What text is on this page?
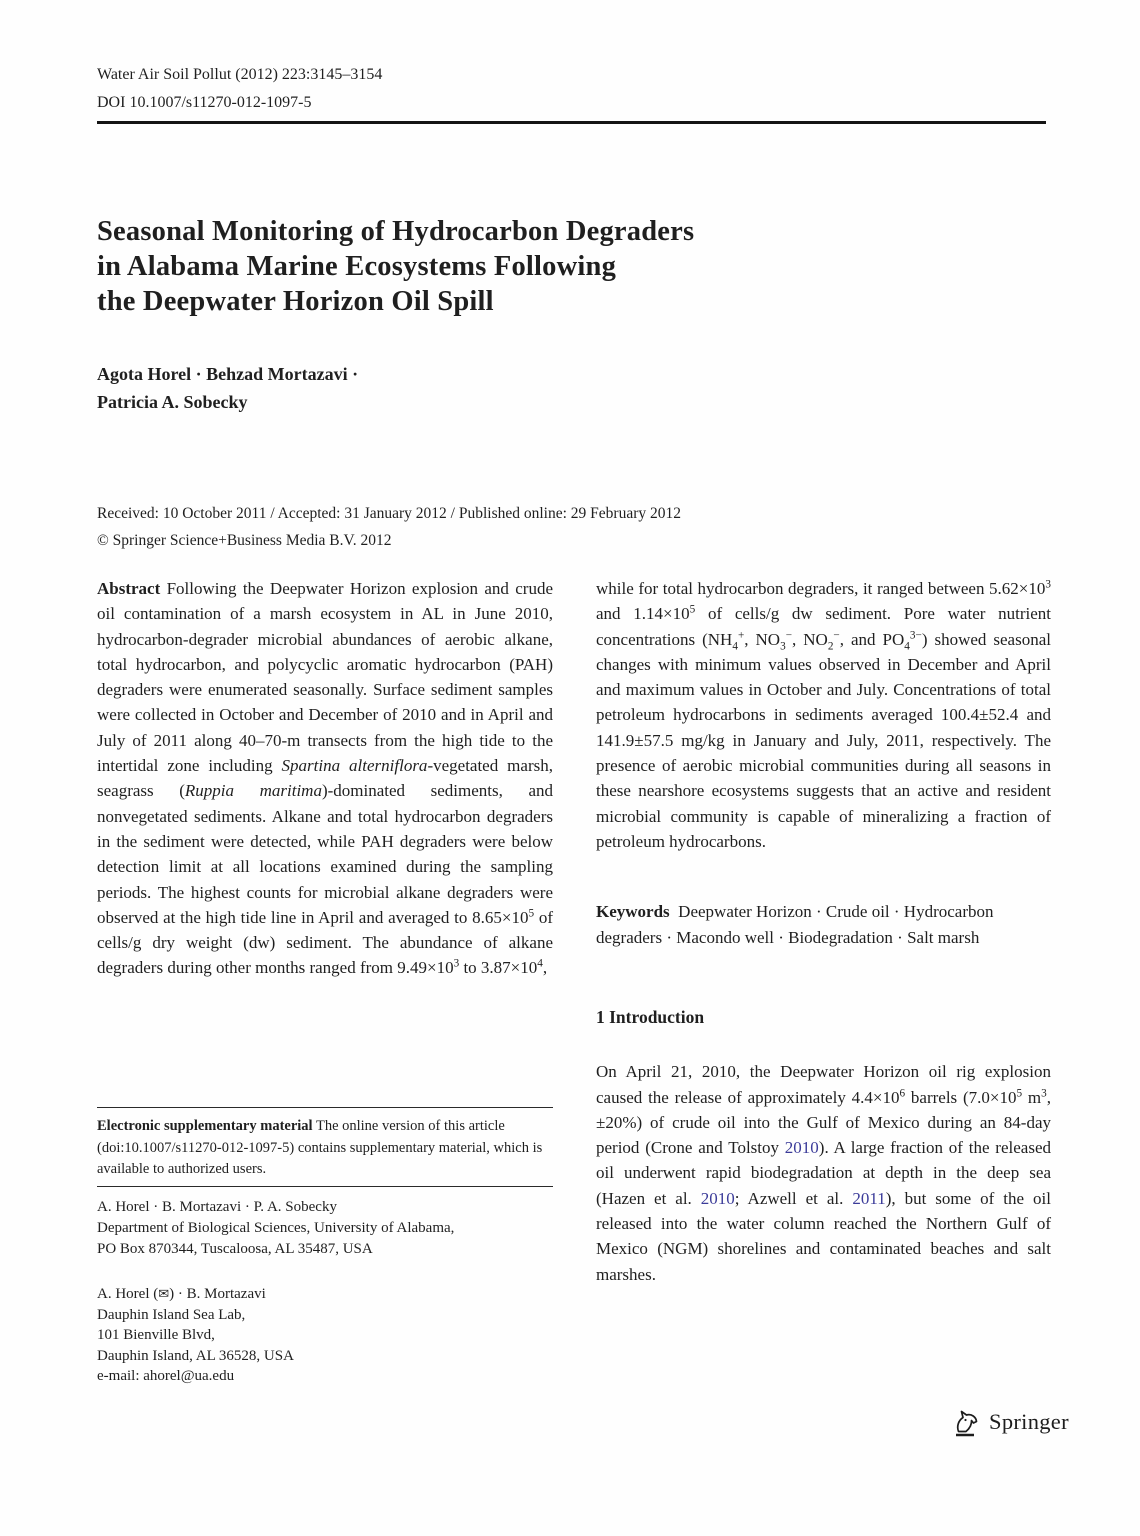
Water Air Soil Pollut (2012) 223:3145–3154
DOI 10.1007/s11270-012-1097-5
Seasonal Monitoring of Hydrocarbon Degraders
in Alabama Marine Ecosystems Following
the Deepwater Horizon Oil Spill
Agota Horel · Behzad Mortazavi ·
Patricia A. Sobecky
Received: 10 October 2011 / Accepted: 31 January 2012 / Published online: 29 February 2012
© Springer Science+Business Media B.V. 2012

Abstract Following the Deepwater Horizon explosion and crude oil contamination of a marsh ecosystem in AL in June 2010, hydrocarbon-degrader microbial abundances of aerobic alkane, total hydrocarbon, and polycyclic aromatic hydrocarbon (PAH) degraders were enumerated seasonally. Surface sediment samples were collected in October and December of 2010 and in April and July of 2011 along 40–70-m transects from the high tide to the intertidal zone including Spartina alterniflora-vegetated marsh, seagrass (Ruppia maritima)-dominated sediments, and nonvegetated sediments. Alkane and total hydrocarbon degraders in the sediment were detected, while PAH degraders were below detection limit at all locations examined during the sampling periods. The highest counts for microbial alkane degraders were observed at the high tide line in April and averaged to $8.65\times 10^5$ of cells/g dry weight (dw) sediment. The abundance of alkane degraders during other months ranged from $9.49\times 10^3$ to $3.87\times 10^4$,

while for total hydrocarbon degraders, it ranged between $5.62\times 10^3$ and $1.14\times 10^5$ of cells/g dw sediment. Pore water nutrient concentrations ($NH_4^+$, $NO_3^-$, $NO_2^-$, and $PO_4^{3-}$) showed seasonal changes with minimum values observed in December and April and maximum values in October and July. Concentrations of total petroleum hydrocarbons in sediments averaged 100.4±52.4 and 141.9±57.5 mg/kg in January and July, 2011, respectively. The presence of aerobic microbial communities during all seasons in these nearshore ecosystems suggests that an active and resident microbial community is capable of mineralizing a fraction of petroleum hydrocarbons.

Keywords  Deepwater Horizon · Crude oil · Hydrocarbon degraders · Macondo well · Biodegradation · Salt marsh

1 Introduction

On April 21, 2010, the Deepwater Horizon oil rig explosion caused the release of approximately $4.4\times 10^6$ barrels ($7.0\times 10^5$ $m^3$, ±20%) of crude oil into the Gulf of Mexico during an 84-day period (Crone and Tolstoy 2010). A large fraction of the released oil underwent rapid biodegradation at depth in the deep sea (Hazen et al. 2010; Azwell et al. 2011), but some of the oil released into the water column reached the Northern Gulf of Mexico (NGM) shorelines and contaminated beaches and salt marshes.

Electronic supplementary material The online version of this article (doi:10.1007/s11270-012-1097-5) contains supplementary material, which is available to authorized users.
A. Horel · B. Mortazavi · P. A. Sobecky
Department of Biological Sciences, University of Alabama,
PO Box 870344, Tuscaloosa, AL 35487, USA
A. Horel (✉) · B. Mortazavi
Dauphin Island Sea Lab,
101 Bienville Blvd,
Dauphin Island, AL 36528, USA
e-mail: ahorel@ua.edu
Springer
